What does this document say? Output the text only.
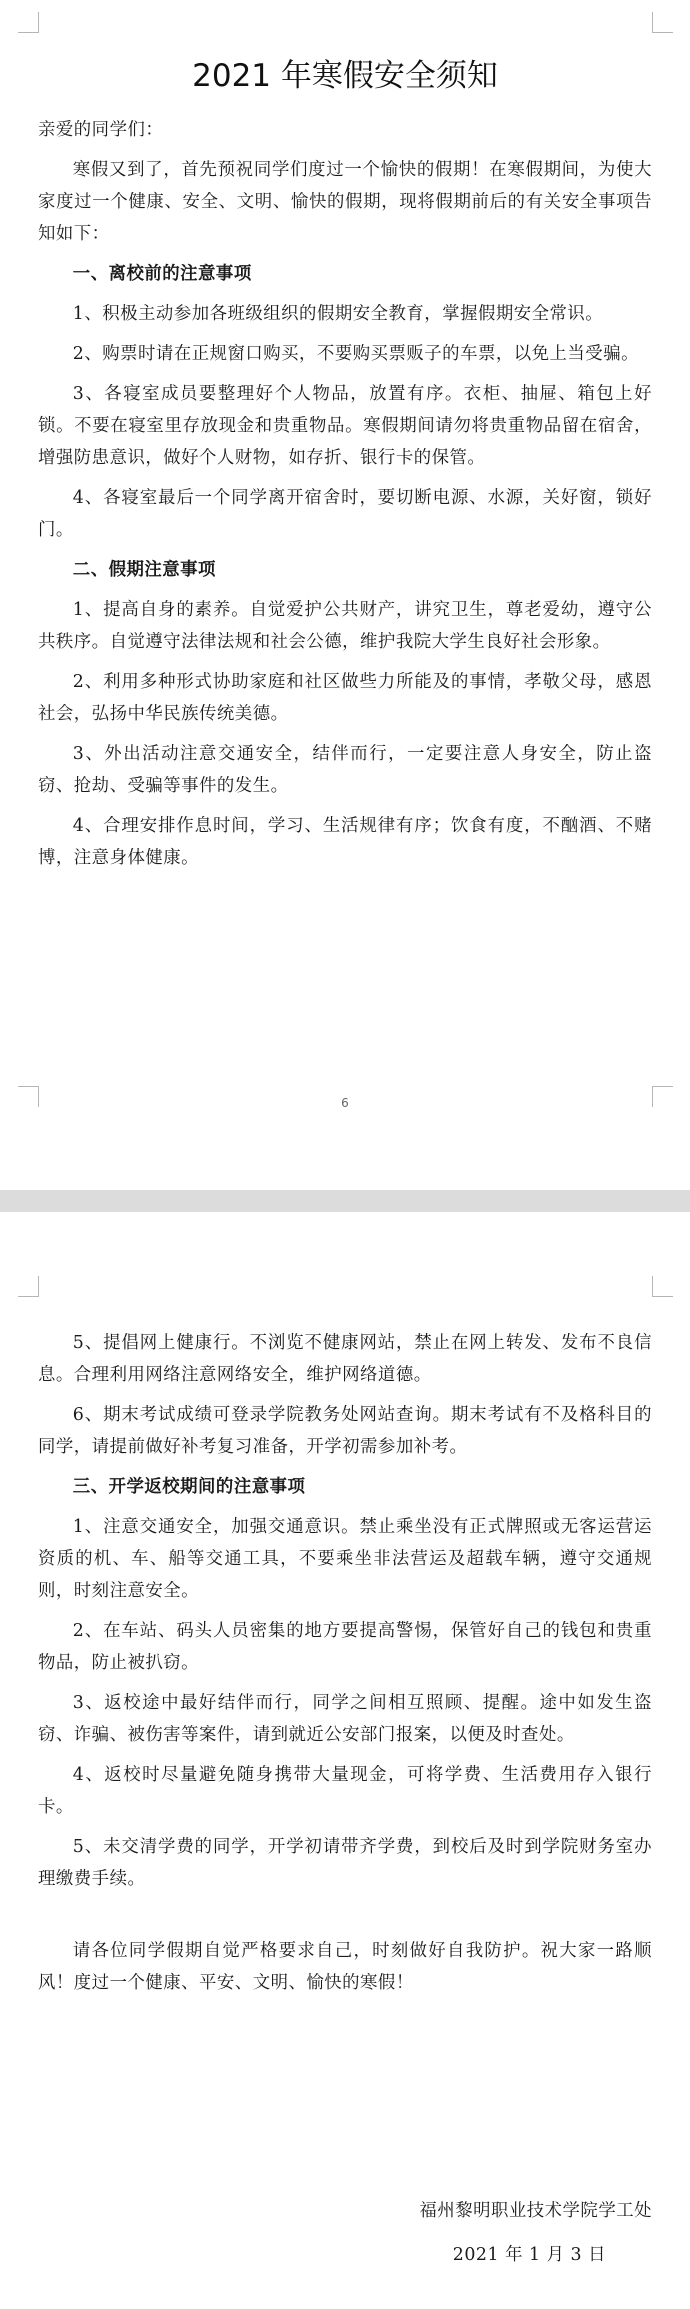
2021 年寒假安全须知

亲爱的同学们：

寒假又到了，首先预祝同学们度过一个愉快的假期！在寒假期间，为使大家度过一个健康、安全、文明、愉快的假期，现将假期前后的有关安全事项告知如下：

一、离校前的注意事项

1、积极主动参加各班级组织的假期安全教育，掌握假期安全常识。

2、购票时请在正规窗口购买，不要购买票贩子的车票，以免上当受骗。

3、各寝室成员要整理好个人物品，放置有序。衣柜、抽屉、箱包上好锁。不要在寝室里存放现金和贵重物品。寒假期间请勿将贵重物品留在宿舍，增强防患意识，做好个人财物，如存折、银行卡的保管。

4、各寝室最后一个同学离开宿舍时，要切断电源、水源，关好窗，锁好门。

二、假期注意事项

1、提高自身的素养。自觉爱护公共财产，讲究卫生，尊老爱幼，遵守公共秩序。自觉遵守法律法规和社会公德，维护我院大学生良好社会形象。

2、利用多种形式协助家庭和社区做些力所能及的事情，孝敬父母，感恩社会，弘扬中华民族传统美德。

3、外出活动注意交通安全，结伴而行，一定要注意人身安全，防止盗窃、抢劫、受骗等事件的发生。

4、合理安排作息时间，学习、生活规律有序；饮食有度，不酗酒、不赌博，注意身体健康。

6

5、提倡网上健康行。不浏览不健康网站，禁止在网上转发、发布不良信息。合理利用网络注意网络安全，维护网络道德。

6、期末考试成绩可登录学院教务处网站查询。期末考试有不及格科目的同学，请提前做好补考复习准备，开学初需参加补考。

三、开学返校期间的注意事项

1、注意交通安全，加强交通意识。禁止乘坐没有正式牌照或无客运营运资质的机、车、船等交通工具，不要乘坐非法营运及超载车辆，遵守交通规则，时刻注意安全。

2、在车站、码头人员密集的地方要提高警惕，保管好自己的钱包和贵重物品，防止被扒窃。

3、返校途中最好结伴而行，同学之间相互照顾、提醒。途中如发生盗窃、诈骗、被伤害等案件，请到就近公安部门报案，以便及时查处。

4、返校时尽量避免随身携带大量现金，可将学费、生活费用存入银行卡。

5、未交清学费的同学，开学初请带齐学费，到校后及时到学院财务室办理缴费手续。

请各位同学假期自觉严格要求自己，时刻做好自我防护。祝大家一路顺风！度过一个健康、平安、文明、愉快的寒假！

福州黎明职业技术学院学工处
2021 年 1 月 3 日
